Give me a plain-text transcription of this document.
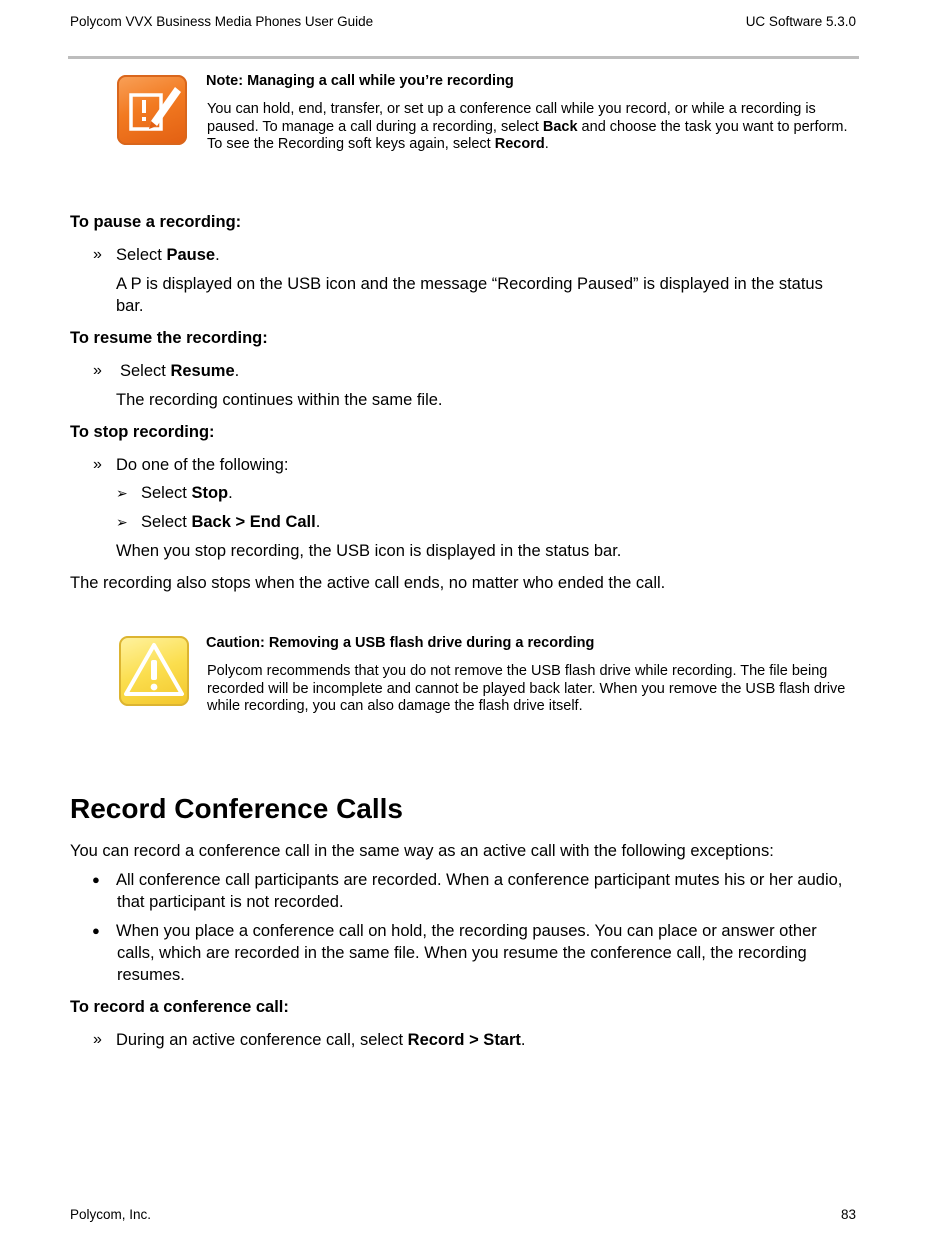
Polycom VVX Business Media Phones User Guide	UC Software 5.3.0
Note: Managing a call while you’re recording
You can hold, end, transfer, or set up a conference call while you record, or while a recording is
paused. To manage a call during a recording, select Back and choose the task you want to perform.
To see the Recording soft keys again, select Record.
To pause a recording:
» Select Pause.
A P is displayed on the USB icon and the message “Recording Paused” is displayed in the status
bar.
To resume the recording:
» Select Resume.
The recording continues within the same file.
To stop recording:
» Do one of the following:
➢ Select Stop.
➢ Select Back > End Call.
When you stop recording, the USB icon is displayed in the status bar.
The recording also stops when the active call ends, no matter who ended the call.
Caution: Removing a USB flash drive during a recording
Polycom recommends that you do not remove the USB flash drive while recording. The file being
recorded will be incomplete and cannot be played back later. When you remove the USB flash drive
while recording, you can also damage the flash drive itself.
Record Conference Calls
You can record a conference call in the same way as an active call with the following exceptions:
● All conference call participants are recorded. When a conference participant mutes his or her audio,
that participant is not recorded.
● When you place a conference call on hold, the recording pauses. You can place or answer other
calls, which are recorded in the same file. When you resume the conference call, the recording
resumes.
To record a conference call:
» During an active conference call, select Record > Start.
Polycom, Inc.	83
